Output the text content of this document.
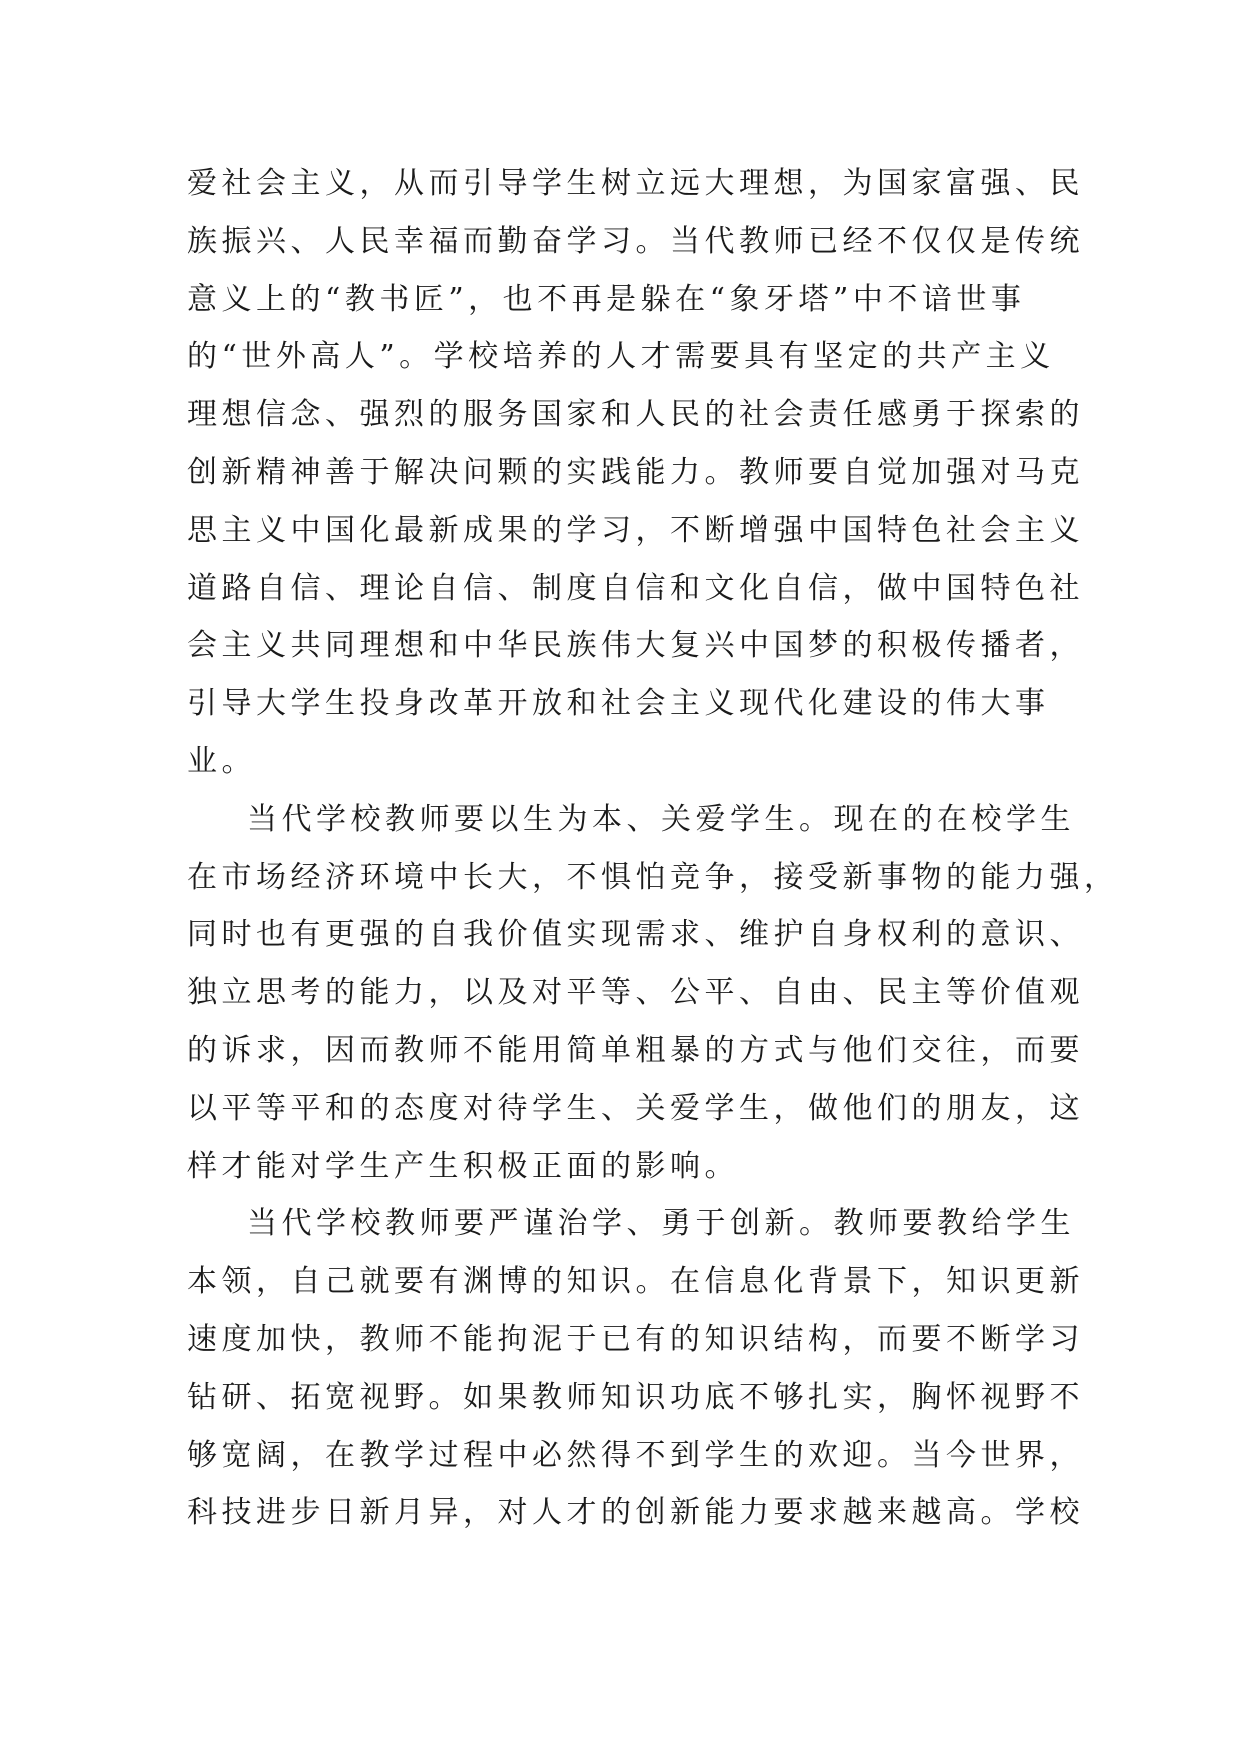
爱社会主义，从而引导学生树立远大理想，为国家富强、民
族振兴、人民幸福而勤奋学习。当代教师已经不仅仅是传统
意义上的“教书匠”，也不再是躲在“象牙塔”中不谙世事
的“世外高人”。学校培养的人才需要具有坚定的共产主义
理想信念、强烈的服务国家和人民的社会责任感勇于探索的
创新精神善于解决问颗的实践能力。教师要自觉加强对马克
思主义中国化最新成果的学习，不断增强中国特色社会主义
道路自信、理论自信、制度自信和文化自信，做中国特色社
会主义共同理想和中华民族伟大复兴中国梦的积极传播者，
引导大学生投身改革开放和社会主义现代化建设的伟大事
业。
当代学校教师要以生为本、关爱学生。现在的在校学生
在市场经济环境中长大，不惧怕竞争，接受新事物的能力强，
同时也有更强的自我价值实现需求、维护自身权利的意识、
独立思考的能力，以及对平等、公平、自由、民主等价值观
的诉求，因而教师不能用简单粗暴的方式与他们交往，而要
以平等平和的态度对待学生、关爱学生，做他们的朋友，这
样才能对学生产生积极正面的影响。
当代学校教师要严谨治学、勇于创新。教师要教给学生
本领，自己就要有渊博的知识。在信息化背景下，知识更新
速度加快，教师不能拘泥于已有的知识结构，而要不断学习
钻研、拓宽视野。如果教师知识功底不够扎实，胸怀视野不
够宽阔，在教学过程中必然得不到学生的欢迎。当今世界，
科技进步日新月异，对人才的创新能力要求越来越高。学校
